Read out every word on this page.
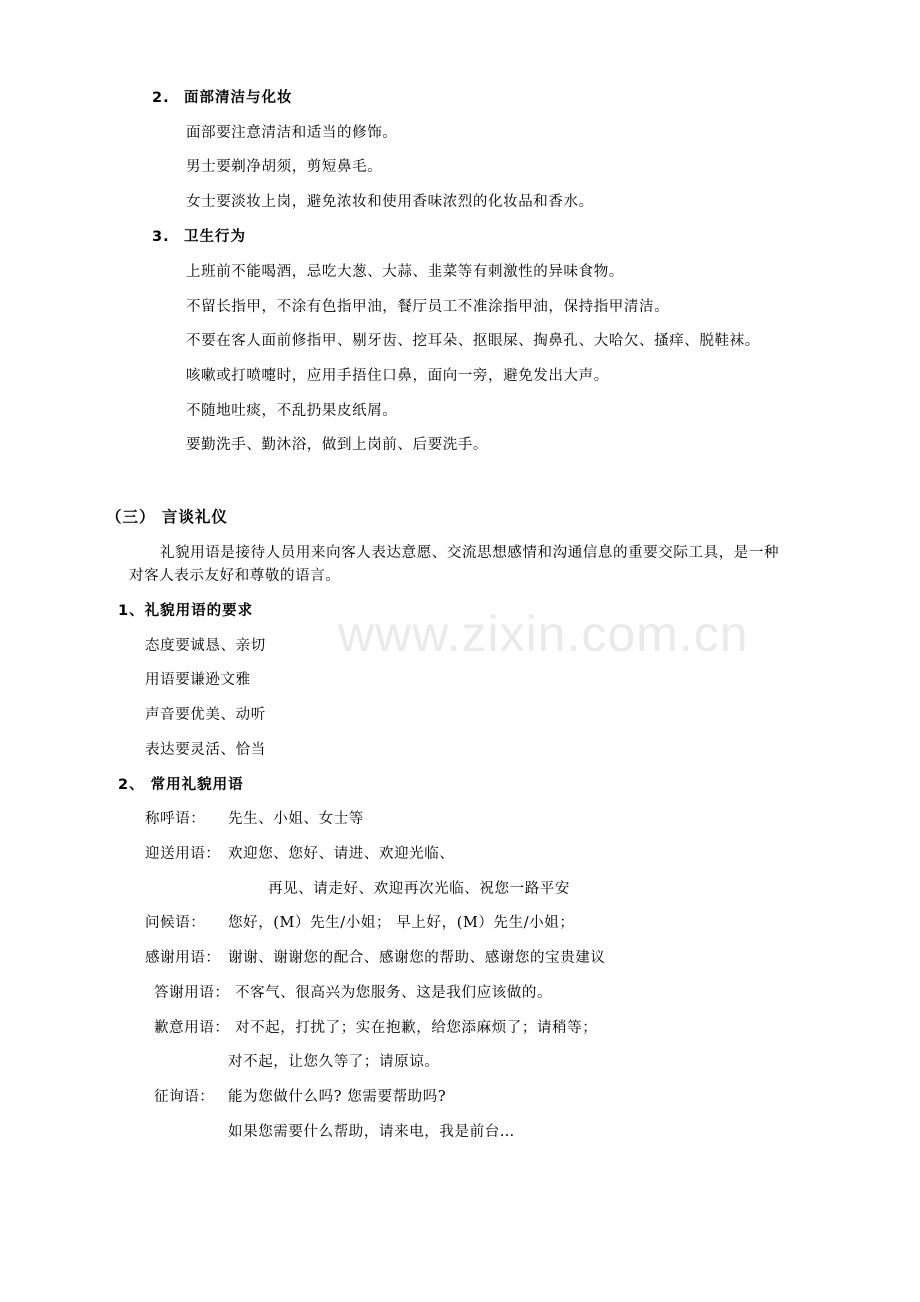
www.zixin.com.cn
2. 面部清洁与化妆
面部要注意清洁和适当的修饰。
男士要剃净胡须，剪短鼻毛。
女士要淡妆上岗，避免浓妆和使用香味浓烈的化妆品和香水。
3. 卫生行为
上班前不能喝酒，忌吃大葱、大蒜、韭菜等有刺激性的异味食物。
不留长指甲，不涂有色指甲油，餐厅员工不准涂指甲油，保持指甲清洁。
不要在客人面前修指甲、剔牙齿、挖耳朵、抠眼屎、掏鼻孔、大哈欠、搔痒、脱鞋袜。
咳嗽或打喷嚏时，应用手捂住口鼻，面向一旁，避免发出大声。
不随地吐痰，不乱扔果皮纸屑。
要勤洗手、勤沐浴，做到上岗前、后要洗手。
（三） 言谈礼仪
礼貌用语是接待人员用来向客人表达意愿、交流思想感情和沟通信息的重要交际工具，是一种
对客人表示友好和尊敬的语言。
1、礼貌用语的要求
态度要诚恳、亲切
用语要谦逊文雅
声音要优美、动听
表达要灵活、恰当
2、 常用礼貌用语
称呼语： 先生、小姐、女士等
迎送用语： 欢迎您、您好、请进、欢迎光临、
再见、请走好、欢迎再次光临、祝您一路平安
问候语： 您好，(M）先生/小姐； 早上好，(M）先生/小姐；
感谢用语： 谢谢、谢谢您的配合、感谢您的帮助、感谢您的宝贵建议
答谢用语： 不客气、很高兴为您服务、这是我们应该做的。
歉意用语： 对不起，打扰了；实在抱歉，给您添麻烦了；请稍等；
对不起，让您久等了；请原谅。
征询语： 能为您做什么吗? 您需要帮助吗?
如果您需要什么帮助，请来电，我是前台…
